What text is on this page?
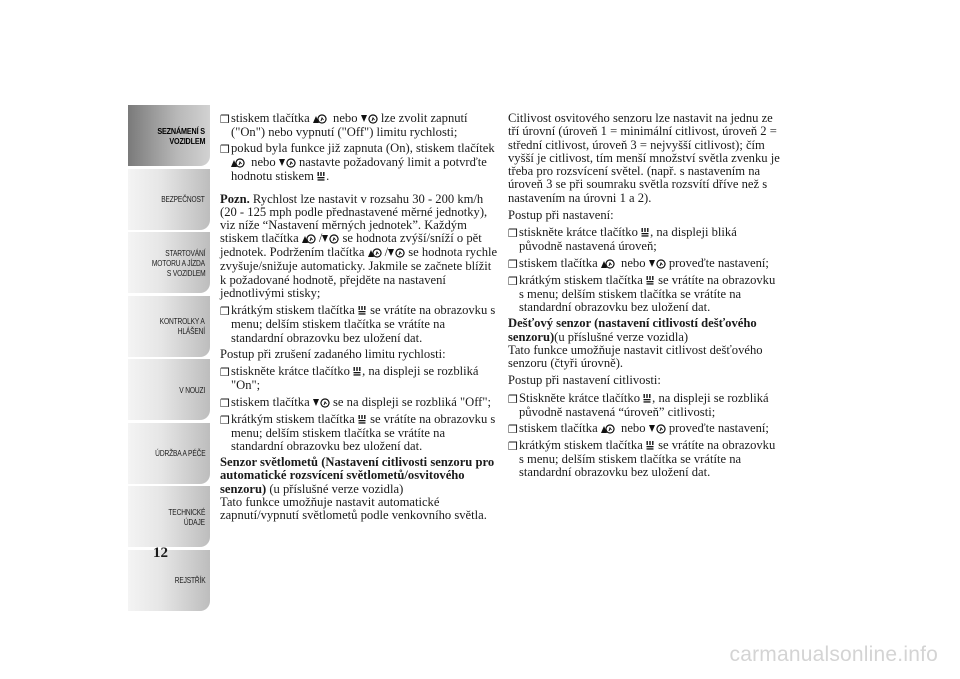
SEZNÁMENÍ S
VOZIDLEM
BEZPEČNOST
STARTOVÁNÍ
MOTORU A JÍZDA
S VOZIDLEM
KONTROLKY A
HLÁŠENÍ
V NOUZI
ÚDRŽBA A PÉČE
TECHNICKÉ
ÚDAJE
REJSTŘÍK
12
❒ stiskem tlačítka nebo lze zvolit zapnutí ("On") nebo vypnutí ("Off") limitu rychlosti;
❒ pokud byla funkce již zapnuta (On), stiskem tlačítek  nebo nastavte požadovaný limit a potvrďte hodnotu stiskem .

Pozn. Rychlost lze nastavit v rozsahu 30 - 200 km/h (20 - 125 mph podle přednastavené měrné jednotky), viz níže “Nastavení měrných jednotek”. Každým stiskem tlačítka / se hodnota zvýší/sníží o pět jednotek. Podržením tlačítka / se hodnota rychle zvyšuje/snižuje automaticky. Jakmile se začnete blížit k požadované hodnotě, přejděte na nastavení jednotlivými stisky;

❒ krátkým stiskem tlačítka se vrátíte na obrazovku s menu; delším stiskem tlačítka se vrátíte na standardní obrazovku bez uložení dat.

Postup při zrušení zadaného limitu rychlosti:

❒ stiskněte krátce tlačítko , na displeji se rozbliká "On";
❒ stiskem tlačítka se na displeji se rozbliká "Off";
❒ krátkým stiskem tlačítka se vrátíte na obrazovku s menu; delším stiskem tlačítka se vrátíte na standardní obrazovku bez uložení dat.

Senzor světlometů (Nastavení citlivosti senzoru pro automatické rozsvícení světlometů/osvitového senzoru) (u příslušné verze vozidla)

Tato funkce umožňuje nastavit automatické zapnutí/vypnutí světlometů podle venkovního světla.

Citlivost osvitového senzoru lze nastavit na jednu ze tří úrovní (úroveň 1 = minimální citlivost, úroveň 2 = střední citlivost, úroveň 3 = nejvyšší citlivost); čím vyšší je citlivost, tím menší množství světla zvenku je třeba pro rozsvícení světel. (např. s nastavením na úroveň 3 se při soumraku světla rozsvítí dříve než s nastavením na úrovni 1 a 2).

Postup při nastavení:

❒ stiskněte krátce tlačítko , na displeji bliká původně nastavená úroveň;
❒ stiskem tlačítka nebo proveďte nastavení;
❒ krátkým stiskem tlačítka se vrátíte na obrazovku s menu; delším stiskem tlačítka se vrátíte na standardní obrazovku bez uložení dat.

Dešťový senzor (nastavení citlivostí dešťového senzoru)(u příslušné verze vozidla)

Tato funkce umožňuje nastavit citlivost dešťového senzoru (čtyři úrovně).

Postup při nastavení citlivosti:

❒ Stiskněte krátce tlačítko , na displeji se rozbliká původně nastavená “úroveň” citlivosti;
❒ stiskem tlačítka nebo proveďte nastavení;
❒ krátkým stiskem tlačítka se vrátíte na obrazovku s menu; delším stiskem tlačítka se vrátíte na standardní obrazovku bez uložení dat.
carmanualsonline.info
